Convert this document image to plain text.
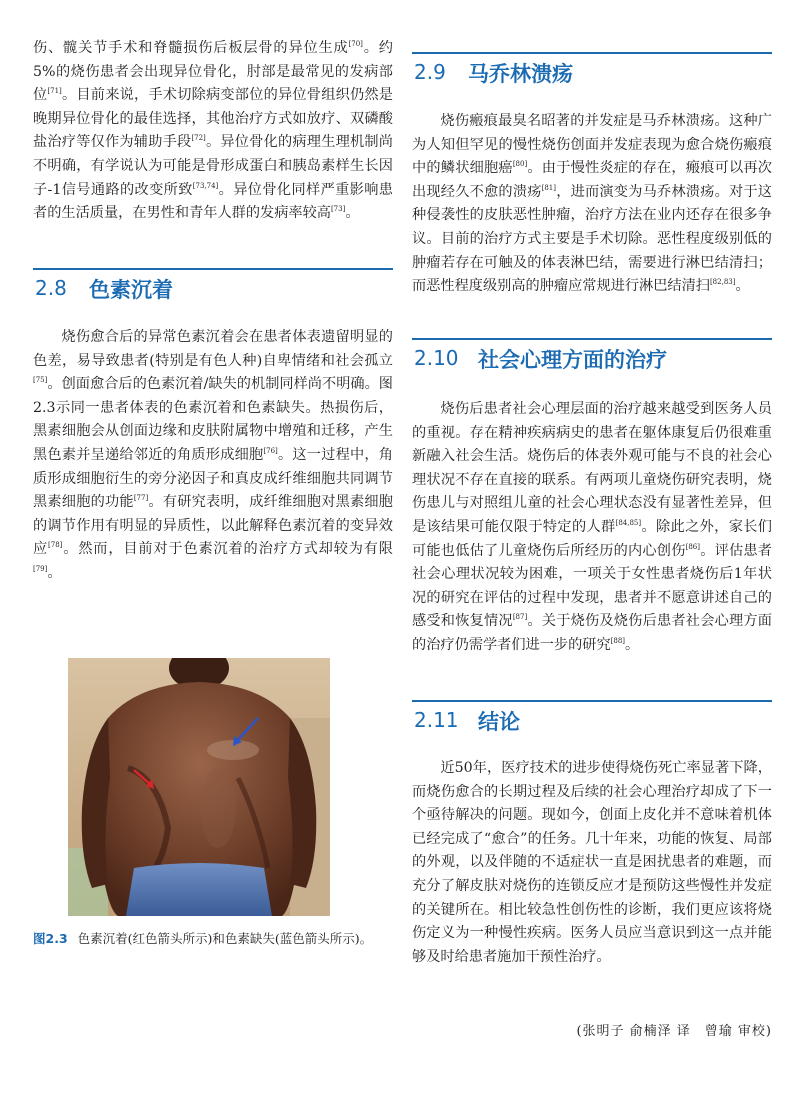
伤、髋关节手术和脊髓损伤后板层骨的异位生成[70]。约5%的烧伤患者会出现异位骨化，肘部是最常见的发病部位[71]。目前来说，手术切除病变部位的异位骨组织仍然是晚期异位骨化的最佳选择，其他治疗方式如放疗、双磷酸盐治疗等仅作为辅助手段[72]。异位骨化的病理生理机制尚不明确，有学说认为可能是骨形成蛋白和胰岛素样生长因子-1信号通路的改变所致[73,74]。异位骨化同样严重影响患者的生活质量，在男性和青年人群的发病率较高[73]。

2.8 色素沉着

烧伤愈合后的异常色素沉着会在患者体表遗留明显的色差，易导致患者(特别是有色人种)自卑情绪和社会孤立[75]。创面愈合后的色素沉着/缺失的机制同样尚不明确。图2.3示同一患者体表的色素沉着和色素缺失。热损伤后，黑素细胞会从创面边缘和皮肤附属物中增殖和迁移，产生黑色素并呈递给邻近的角质形成细胞[76]。这一过程中，角质形成细胞衍生的旁分泌因子和真皮成纤维细胞共同调节黑素细胞的功能[77]。有研究表明，成纤维细胞对黑素细胞的调节作用有明显的异质性，以此解释色素沉着的变异效应[78]。然而，目前对于色素沉着的治疗方式却较为有限[79]。

图2.3 色素沉着(红色箭头所示)和色素缺失(蓝色箭头所示)。
2.9 马乔林溃疡

烧伤瘢痕最臭名昭著的并发症是马乔林溃疡。这种广为人知但罕见的慢性烧伤创面并发症表现为愈合烧伤瘢痕中的鳞状细胞癌[80]。由于慢性炎症的存在，瘢痕可以再次出现经久不愈的溃疡[81]，进而演变为马乔林溃疡。对于这种侵袭性的皮肤恶性肿瘤，治疗方法在业内还存在很多争议。目前的治疗方式主要是手术切除。恶性程度级别低的肿瘤若存在可触及的体表淋巴结，需要进行淋巴结清扫；而恶性程度级别高的肿瘤应常规进行淋巴结清扫[82,83]。

2.10 社会心理方面的治疗

烧伤后患者社会心理层面的治疗越来越受到医务人员的重视。存在精神疾病病史的患者在躯体康复后仍很难重新融入社会生活。烧伤后的体表外观可能与不良的社会心理状况不存在直接的联系。有两项儿童烧伤研究表明，烧伤患儿与对照组儿童的社会心理状态没有显著性差异，但是该结果可能仅限于特定的人群[84,85]。除此之外，家长们可能也低估了儿童烧伤后所经历的内心创伤[86]。评估患者社会心理状况较为困难，一项关于女性患者烧伤后1年状况的研究在评估的过程中发现，患者并不愿意讲述自己的感受和恢复情况[87]。关于烧伤及烧伤后患者社会心理方面的治疗仍需学者们进一步的研究[88]。

2.11 结论

近50年，医疗技术的进步使得烧伤死亡率显著下降，而烧伤愈合的长期过程及后续的社会心理治疗却成了下一个亟待解决的问题。现如今，创面上皮化并不意味着机体已经完成了“愈合”的任务。几十年来，功能的恢复、局部的外观，以及伴随的不适症状一直是困扰患者的难题，而充分了解皮肤对烧伤的连锁反应才是预防这些慢性并发症的关键所在。相比较急性创伤性的诊断，我们更应该将烧伤定义为一种慢性疾病。医务人员应当意识到这一点并能够及时给患者施加干预性治疗。

(张明子 俞楠泽 译　曾瑜 审校)
